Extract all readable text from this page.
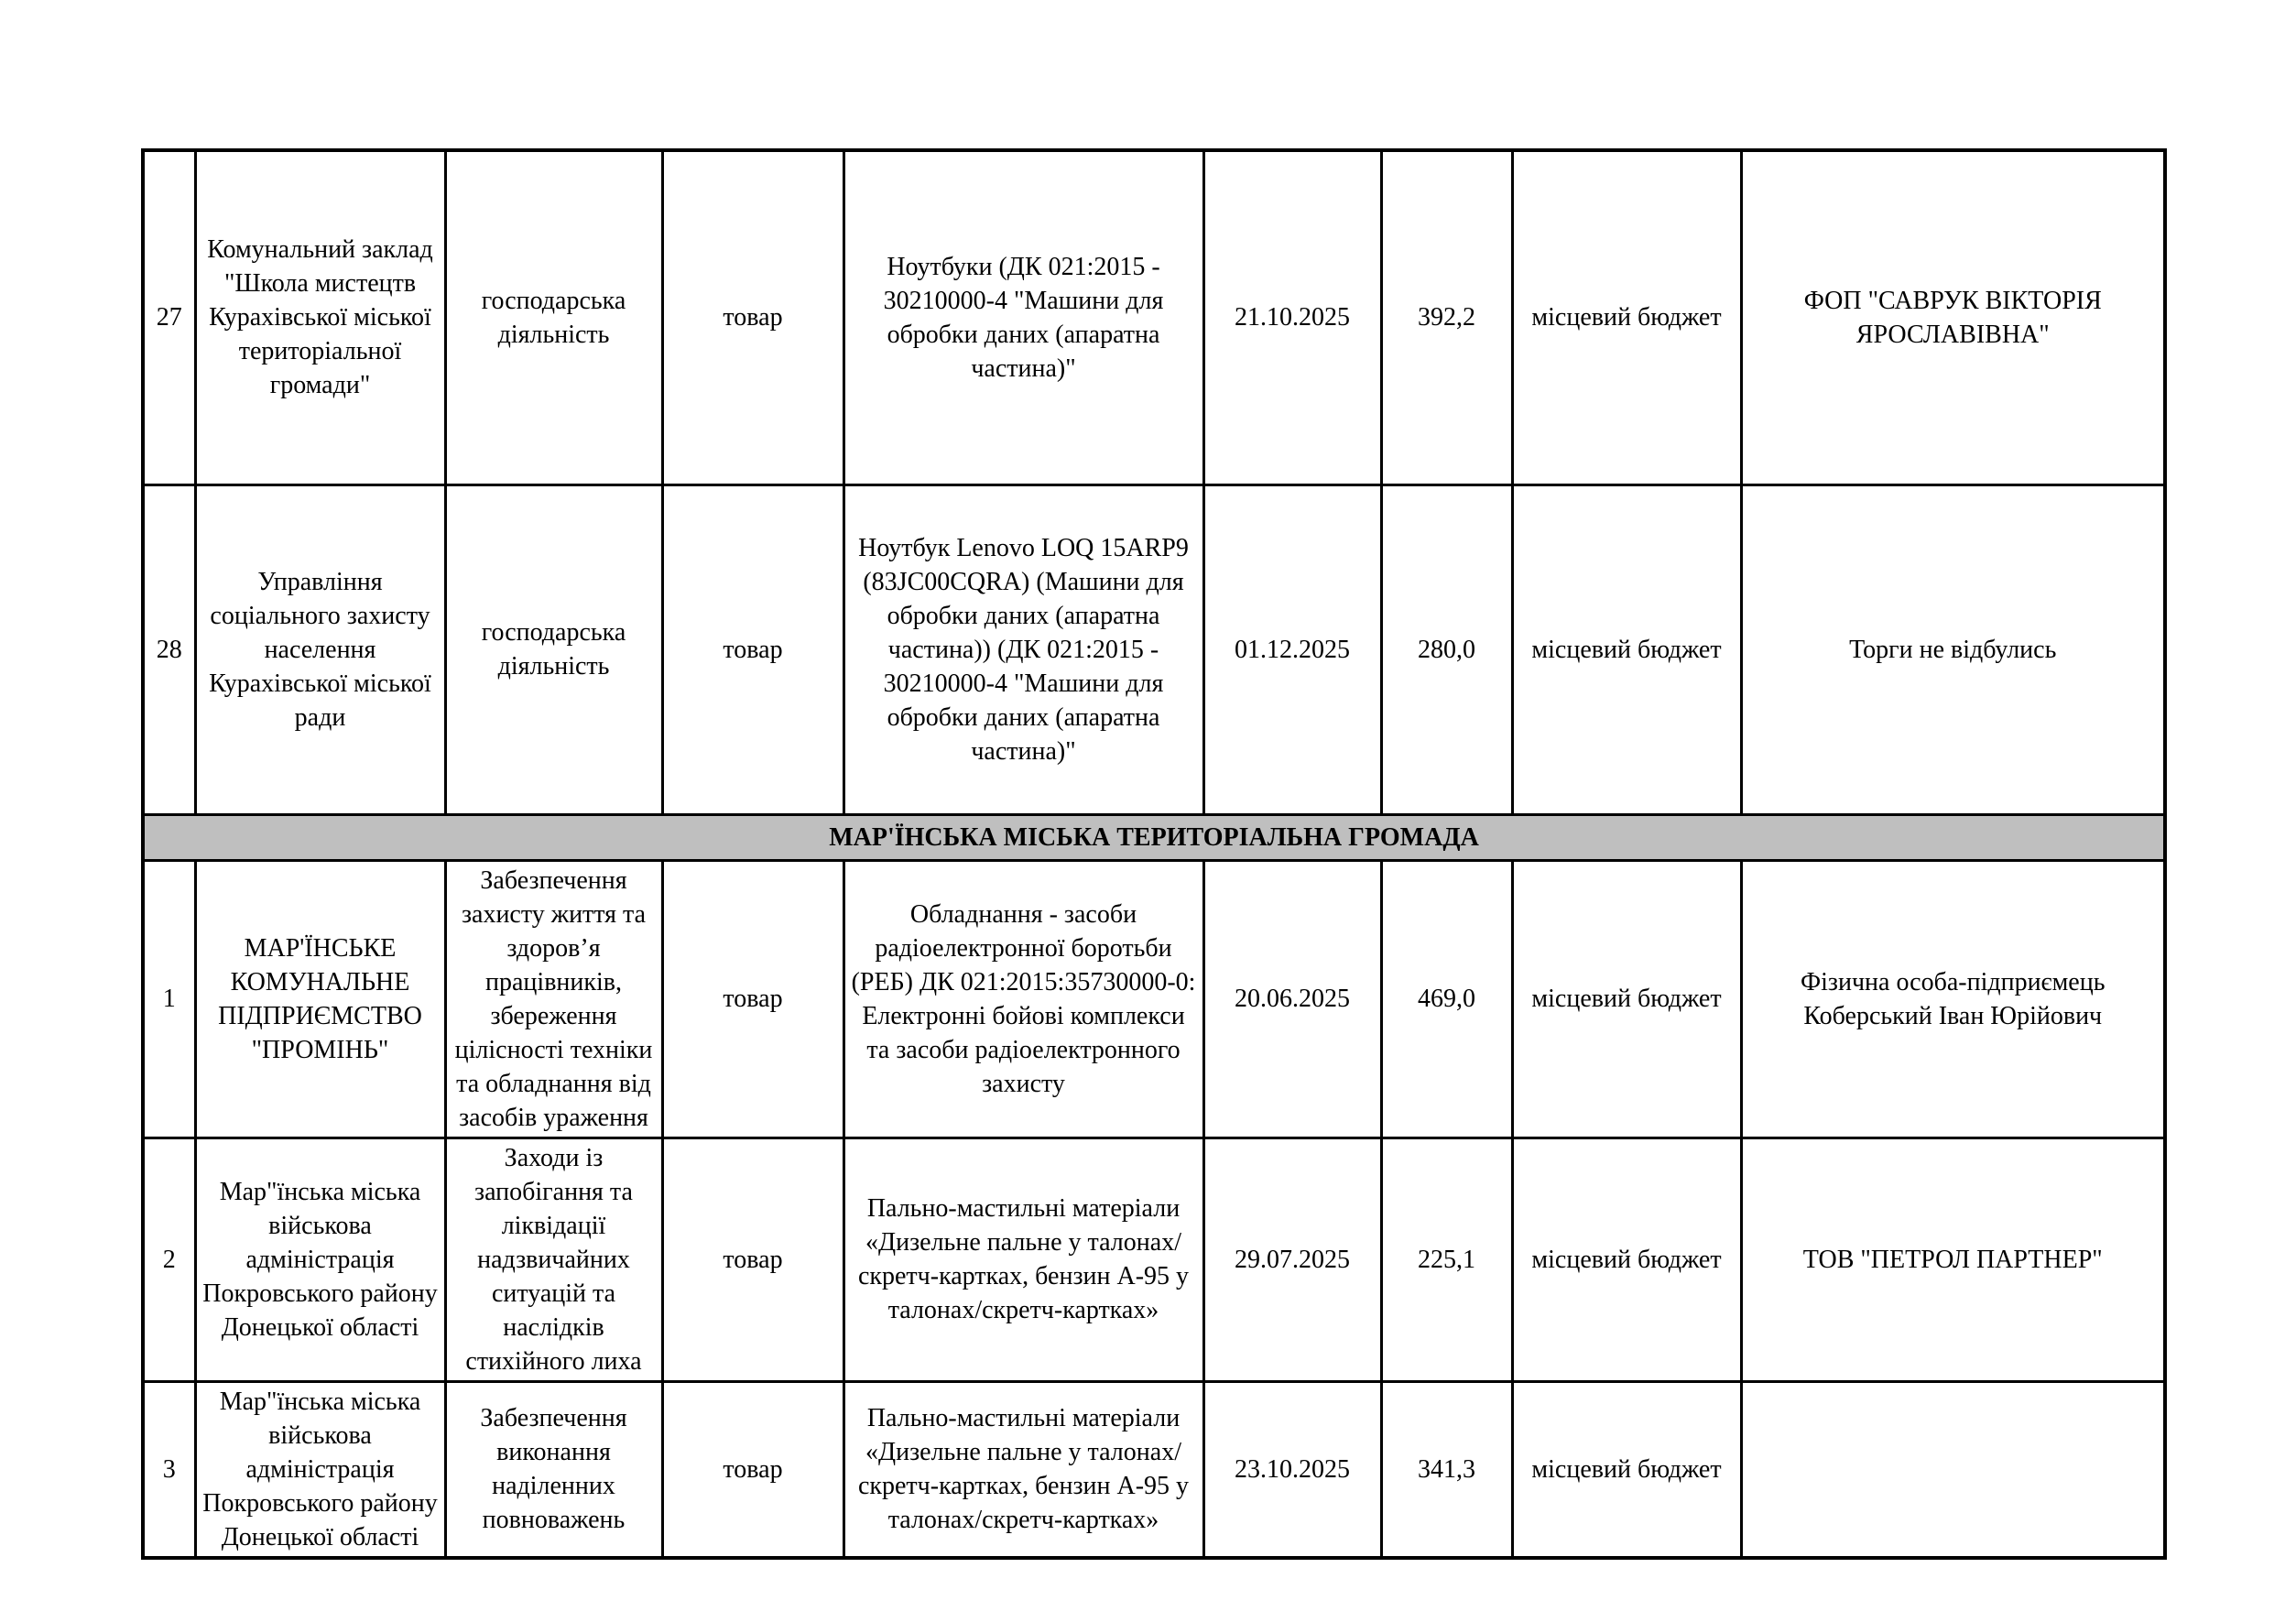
27	Комунальний заклад "Школа мистецтв Курахівської міської територіальної громади"	господарська діяльність	товар	Ноутбуки (ДК 021:2015 - 30210000-4 "Машини для обробки даних (апаратна частина)"	21.10.2025	392,2	місцевий бюджет	ФОП "САВРУК ВІКТОРІЯ ЯРОСЛАВІВНА"
28	Управління соціального захисту населення Курахівської міської ради	господарська діяльність	товар	Ноутбук Lenovo LOQ 15ARP9 (83JC00CQRA) (Машини для обробки даних (апаратна частина)) (ДК 021:2015 - 30210000-4 "Машини для обробки даних (апаратна частина)"	01.12.2025	280,0	місцевий бюджет	Торги не відбулись
МАР'ЇНСЬКА МІСЬКА ТЕРИТОРІАЛЬНА ГРОМАДА								
1	МАР'ЇНСЬКЕ КОМУНАЛЬНЕ ПІДПРИЄМСТВО "ПРОМІНЬ"	Забезпечення захисту життя та здоров’я працівників, збереження цілісності техніки та обладнання від засобів ураження	товар	Обладнання - засоби радіоелектронної боротьби (РЕБ) ДК 021:2015:35730000-0: Електронні бойові комплекси та засоби радіоелектронного захисту	20.06.2025	469,0	місцевий бюджет	Фізична особа-підприємець Коберський Іван Юрійович
2	Мар"їнська міська військова адміністрація Покровського району Донецької області	Заходи із запобігання та ліквідації надзвичайних ситуацій та наслідків стихійного лиха	товар	Пально-мастильні матеріали «Дизельне пальне у талонах/скретч-картках, бензин А-95 у талонах/скретч-картках»	29.07.2025	225,1	місцевий бюджет	ТОВ "ПЕТРОЛ ПАРТНЕР"
3	Мар"їнська міська військова адміністрація Покровського району Донецької області	Забезпечення виконання наділенних повноважень	товар	Пально-мастильні матеріали «Дизельне пальне у талонах/скретч-картках, бензин А-95 у талонах/скретч-картках»	23.10.2025	341,3	місцевий бюджет	
